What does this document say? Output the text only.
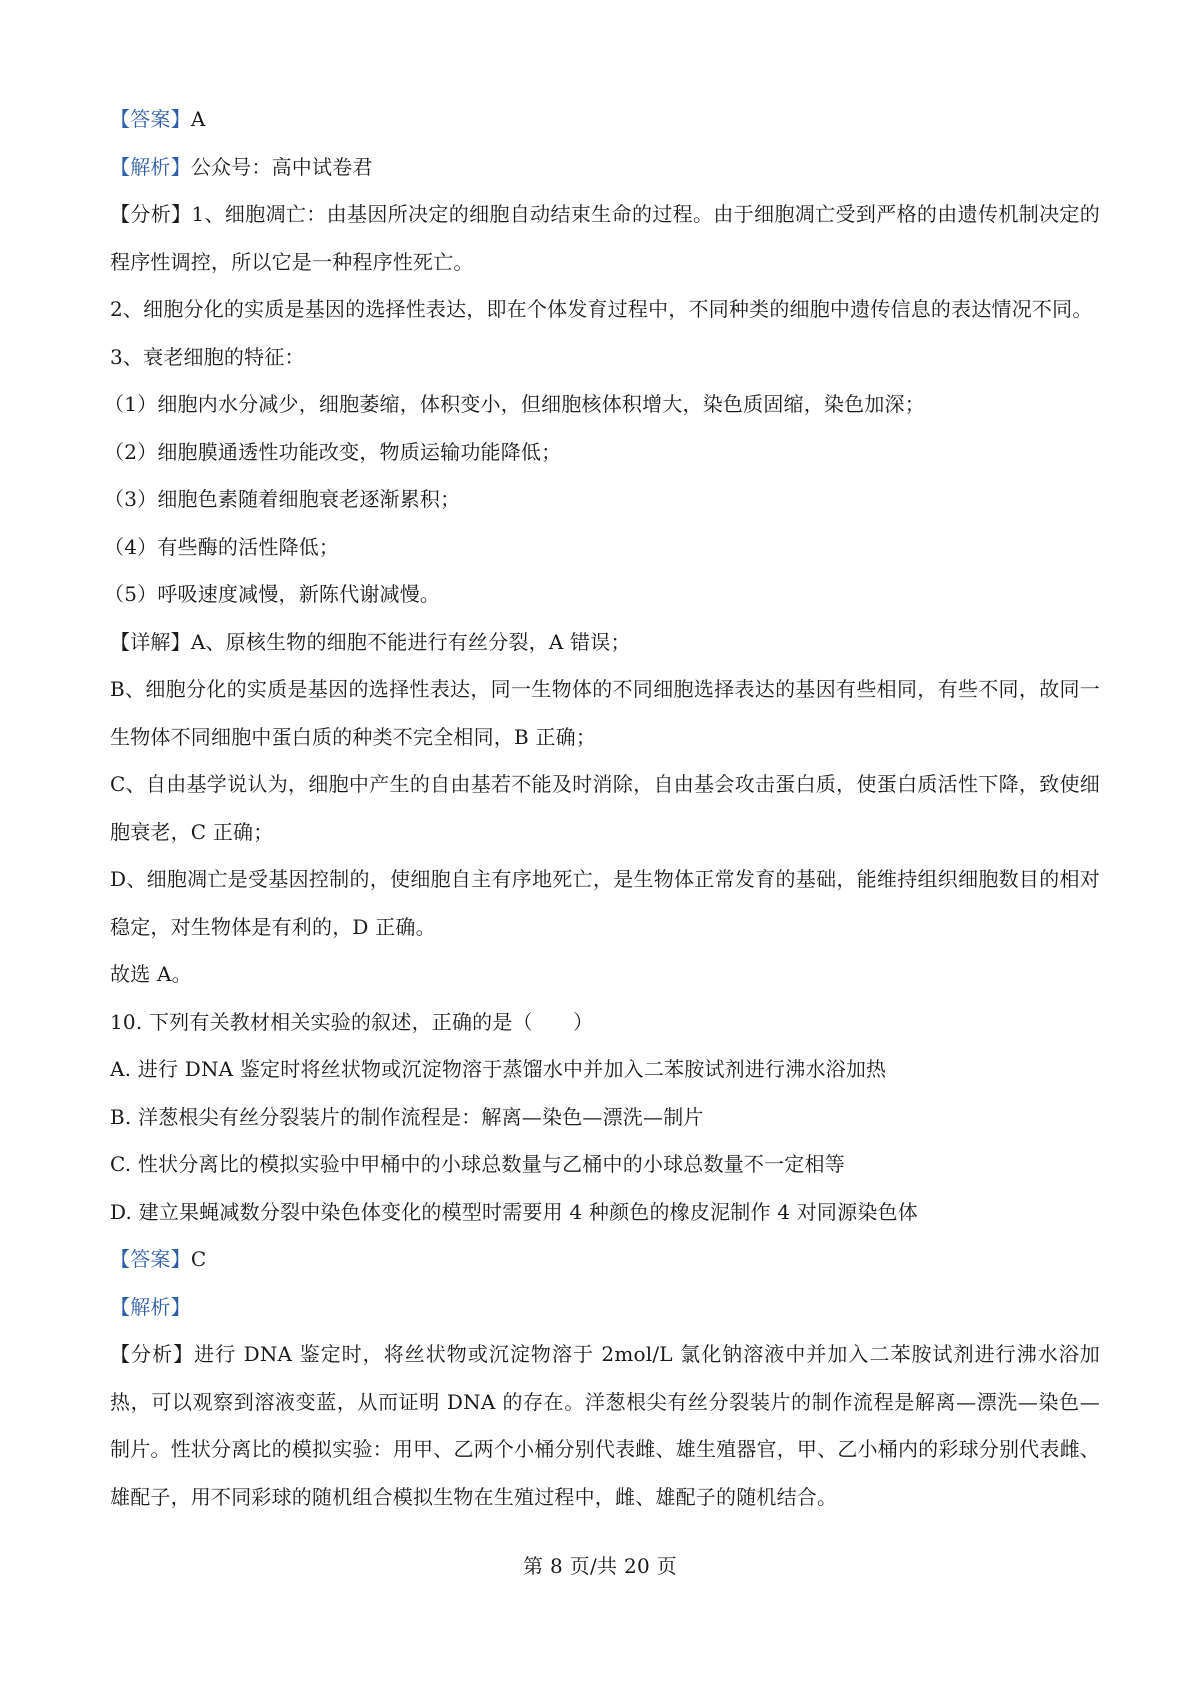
【答案】A

【解析】公众号：高中试卷君

【分析】1、细胞凋亡：由基因所决定的细胞自动结束生命的过程。由于细胞凋亡受到严格的由遗传机制决定的程序性调控，所以它是一种程序性死亡。

2、细胞分化的实质是基因的选择性表达，即在个体发育过程中，不同种类的细胞中遗传信息的表达情况不同。

3、衰老细胞的特征：

（1）细胞内水分减少，细胞萎缩，体积变小，但细胞核体积增大，染色质固缩，染色加深；

（2）细胞膜通透性功能改变，物质运输功能降低；

（3）细胞色素随着细胞衰老逐渐累积；

（4）有些酶的活性降低；

（5）呼吸速度减慢，新陈代谢减慢。

【详解】A、原核生物的细胞不能进行有丝分裂，A 错误；

B、细胞分化的实质是基因的选择性表达，同一生物体的不同细胞选择表达的基因有些相同，有些不同，故同一生物体不同细胞中蛋白质的种类不完全相同，B 正确；

C、自由基学说认为，细胞中产生的自由基若不能及时消除，自由基会攻击蛋白质，使蛋白质活性下降，致使细胞衰老，C 正确；

D、细胞凋亡是受基因控制的，使细胞自主有序地死亡，是生物体正常发育的基础，能维持组织细胞数目的相对稳定，对生物体是有利的，D 正确。

故选 A。

10. 下列有关教材相关实验的叙述，正确的是（　　）

A. 进行 DNA 鉴定时将丝状物或沉淀物溶于蒸馏水中并加入二苯胺试剂进行沸水浴加热

B. 洋葱根尖有丝分裂装片的制作流程是：解离—染色—漂洗—制片

C. 性状分离比的模拟实验中甲桶中的小球总数量与乙桶中的小球总数量不一定相等

D. 建立果蝇减数分裂中染色体变化的模型时需要用 4 种颜色的橡皮泥制作 4 对同源染色体

【答案】C

【解析】

【分析】进行 DNA 鉴定时，将丝状物或沉淀物溶于 2mol/L 氯化钠溶液中并加入二苯胺试剂进行沸水浴加热，可以观察到溶液变蓝，从而证明 DNA 的存在。洋葱根尖有丝分裂装片的制作流程是解离—漂洗—染色—制片。性状分离比的模拟实验：用甲、乙两个小桶分别代表雌、雄生殖器官，甲、乙小桶内的彩球分别代表雌、雄配子，用不同彩球的随机组合模拟生物在生殖过程中，雌、雄配子的随机结合。

第 8 页/共 20 页
